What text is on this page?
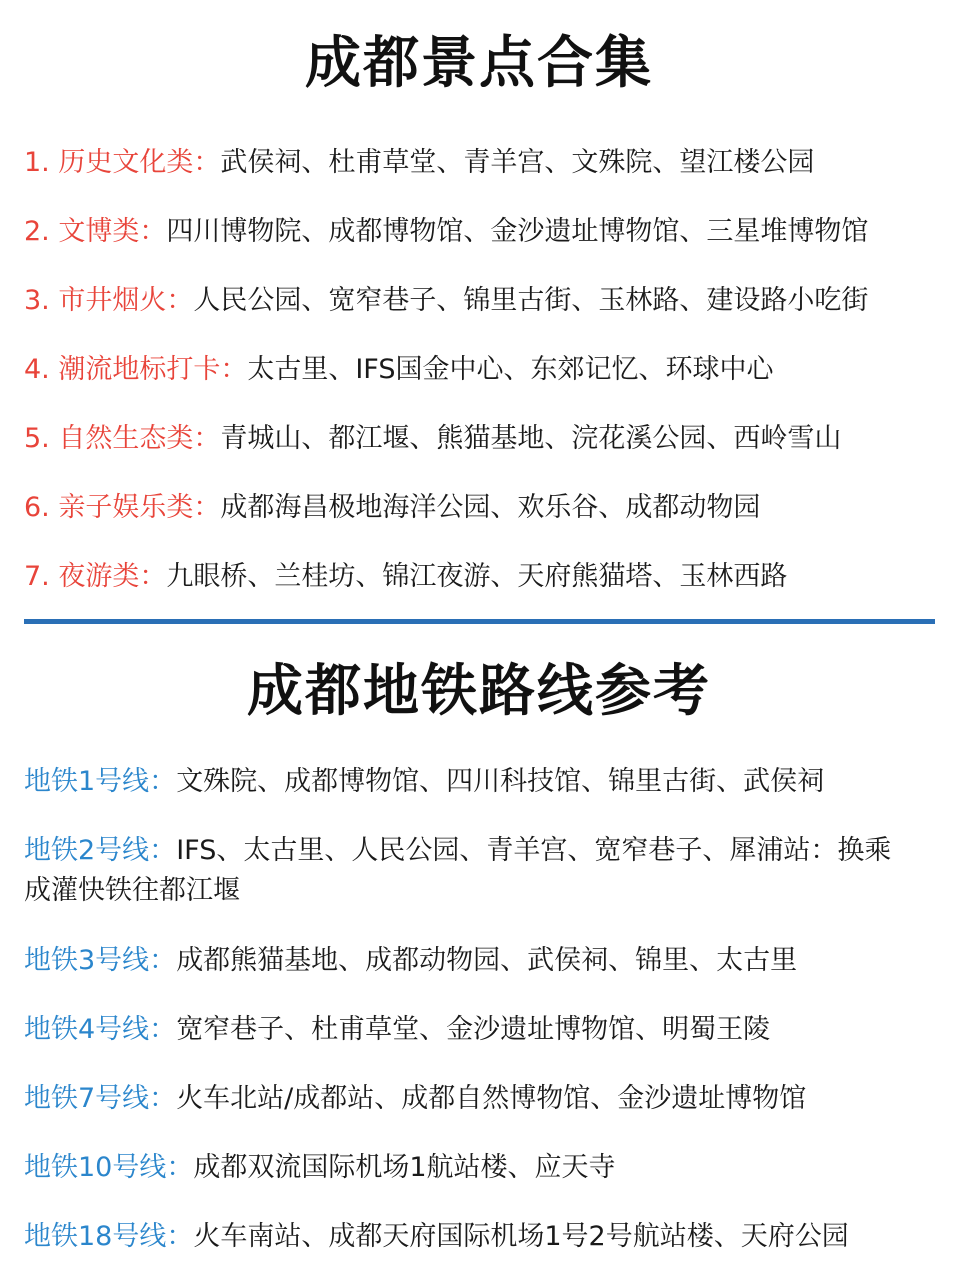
成都景点合集
1. 历史文化类：武侯祠、杜甫草堂、青羊宫、文殊院、望江楼公园
2. 文博类：四川博物院、成都博物馆、金沙遗址博物馆、三星堆博物馆
3. 市井烟火：人民公园、宽窄巷子、锦里古街、玉林路、建设路小吃街
4. 潮流地标打卡：太古里、IFS国金中心、东郊记忆、环球中心
5. 自然生态类：青城山、都江堰、熊猫基地、浣花溪公园、西岭雪山
6. 亲子娱乐类：成都海昌极地海洋公园、欢乐谷、成都动物园
7. 夜游类：九眼桥、兰桂坊、锦江夜游、天府熊猫塔、玉林西路
成都地铁路线参考
地铁1号线：文殊院、成都博物馆、四川科技馆、锦里古街、武侯祠
地铁2号线：IFS、太古里、人民公园、青羊宫、宽窄巷子、犀浦站：换乘成灌快铁往都江堰
地铁3号线：成都熊猫基地、成都动物园、武侯祠、锦里、太古里
地铁4号线：宽窄巷子、杜甫草堂、金沙遗址博物馆、明蜀王陵
地铁7号线：火车北站/成都站、成都自然博物馆、金沙遗址博物馆
地铁10号线：成都双流国际机场1航站楼、应天寺
地铁18号线：火车南站、成都天府国际机场1号2号航站楼、天府公园
